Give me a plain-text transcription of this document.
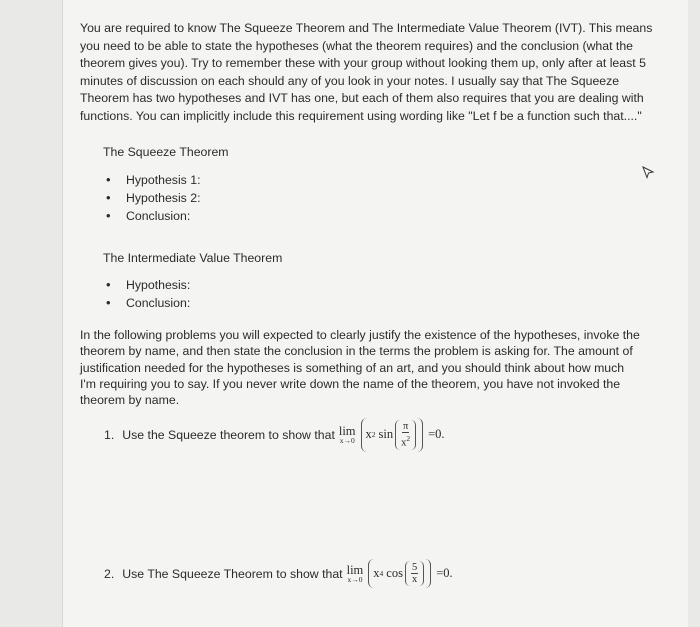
You are required to know The Squeeze Theorem and The Intermediate Value Theorem (IVT). This means you need to be able to state the hypotheses (what the theorem requires) and the conclusion (what the theorem gives you). Try to remember these with your group without looking them up, only after at least 5 minutes of discussion on each should any of you look in your notes. I usually say that The Squeeze Theorem has two hypotheses and IVT has one, but each of them also requires that you are dealing with functions. You can implicitly include this requirement using wording like "Let f be a function such that...."

The Squeeze Theorem
• Hypothesis 1:
• Hypothesis 2:
• Conclusion:
The Intermediate Value Theorem
• Hypothesis:
• Conclusion:

In the following problems you will expected to clearly justify the existence of the hypotheses, invoke the theorem by name, and then state the conclusion in the terms the problem is asking for. The amount of justification needed for the hypotheses is something of an art, and you should think about how much I'm requiring you to say. If you never write down the name of the theorem, you have not invoked the theorem by name.

1. Use the Squeeze theorem to show that lim
x→0 x 2 $\sin \frac{\pi}{x^2} =0$.
2. Use The Squeeze Theorem to show that lim
x→0 x 4 $\cos \frac{5}{x} =0$.
